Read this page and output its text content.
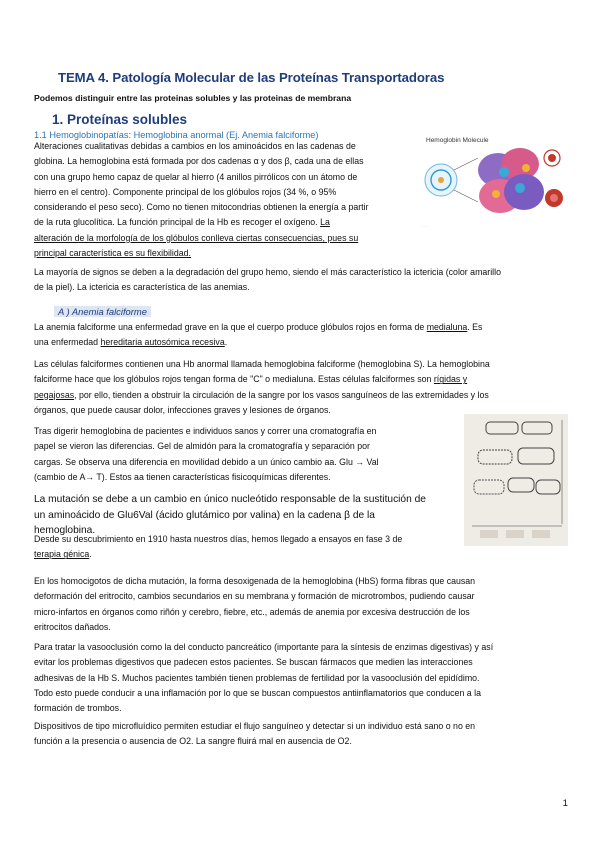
TEMA 4. Patología Molecular de las Proteínas Transportadoras
Podemos distinguir entre las proteinas solubles y las proteinas de membrana
1. Proteínas solubles
1.1 Hemoglobinopatías: Hemoglobina anormal (Ej. Anemia falciforme)
Hemoglobin Molecule
· · ·
Alteraciones cualitativas debidas a cambios en los aminoácidos en las cadenas de
globina. La hemoglobina está formada por dos cadenas α y dos β, cada una de ellas
con una grupo hemo capaz de quelar al hierro (4 anillos pirrólicos con un átomo de
hierro en el centro). Componente principal de los glóbulos rojos (34 %, o 95%
considerando el peso seco). Como no tienen mitocondrias obtienen la energía a partir
de la ruta glucolítica. La función principal de la Hb es recoger el oxígeno. La
alteración de la morfología de los glóbulos conlleva ciertas consecuencias, pues su
principal característica es su flexibilidad.
La mayoría de signos se deben a la degradación del grupo hemo, siendo el más característico la ictericia (color amarillo
de la piel). La ictericia es característica de las anemias.
A ) Anemia falciforme
La anemia falciforme una enfermedad grave en la que el cuerpo produce glóbulos rojos en forma de medialuna. Es
una enfermedad hereditaria autosómica recesiva.
Las células falciformes contienen una Hb anormal llamada hemoglobina falciforme (hemoglobina S). La hemoglobina
falciforme hace que los glóbulos rojos tengan forma de "C" o medialuna. Estas células falciformes son rígidas y
pegajosas, por ello, tienden a obstruir la circulación de la sangre por los vasos sanguíneos de las extremidades y los
órganos, que puede causar dolor, infecciones graves y lesiones de órganos.
Tras digerir hemoglobina de pacientes e individuos sanos y correr una cromatografía en
papel se vieron las diferencias. Gel de almidón para la cromatografía y separación por
cargas. Se observa una diferencia en movilidad debido a un único cambio aa. Glu → Val
(cambio de A→ T). Estos aa tienen características fisicoquímicas diferentes.
La mutación se debe a un cambio en único nucleótido responsable de la sustitución de
un aminoácido de Glu6Val (ácido glutámico por valina) en la cadena β de la
hemoglobina.
Desde su descubrimiento en 1910 hasta nuestros días, hemos llegado a ensayos en fase 3 de
terapia génica.
En los homocigotos de dicha mutación, la forma desoxigenada de la hemoglobina (HbS) forma fibras que causan
deformación del eritrocito, cambios secundarios en su membrana y formación de microtrombos, pudiendo causar
micro-infartos en órganos como riñón y cerebro, fiebre, etc., además de anemia por excesiva destrucción de los
eritrocitos dañados.
Para tratar la vasooclusión como la del conducto pancreático (importante para la síntesis de enzimas digestivas) y así
evitar los problemas digestivos que padecen estos pacientes. Se buscan fármacos que medien las interacciones
adhesivas de la Hb S. Muchos pacientes también tienen problemas de fertilidad por la vasooclusión del epidídimo.
Todo esto puede conducir a una inflamación por lo que se buscan compuestos antiinflamatorios que conducen a la
formación de trombos.
Dispositivos de tipo microfluídico permiten estudiar el flujo sanguíneo y detectar si un individuo está sano o no en
función a la presencia o ausencia de O2. La sangre fluirá mal en ausencia de O2.
1
